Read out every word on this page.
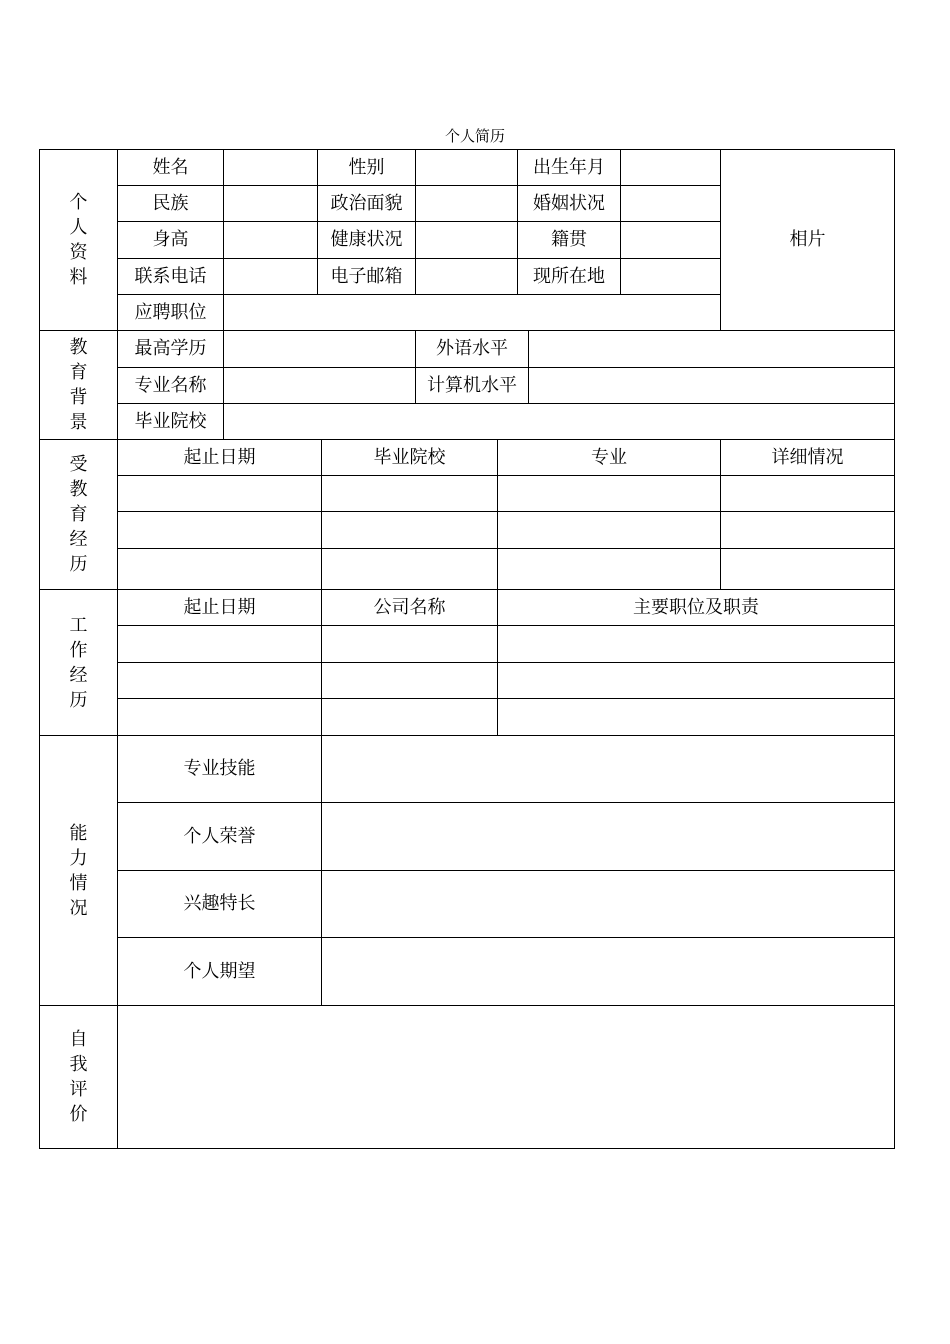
个人简历
个
人
资
料
姓名	性别	出生年月
民族	政治面貌	婚姻状况
身高	健康状况	籍贯
联系电话	电子邮箱	现所在地
应聘职位
相片
教
育
背
景
最高学历	外语水平
专业名称	计算机水平
毕业院校
受
教
育
经
历
起止日期	毕业院校	专业	详细情况
工
作
经
历
起止日期	公司名称	主要职位及职责
能
力
情
况
专业技能
个人荣誉
兴趣特长
个人期望
自
我
评
价
